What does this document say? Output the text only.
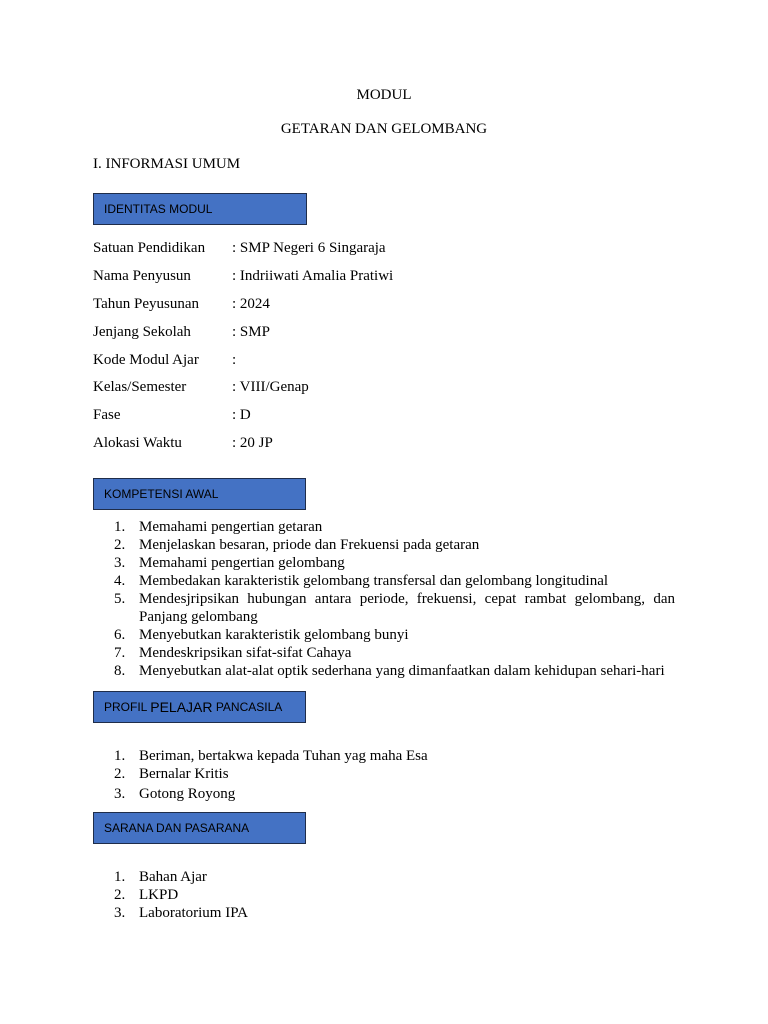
MODUL
GETARAN DAN GELOMBANG
I. INFORMASI UMUM
IDENTITAS MODUL
Satuan Pendidikan : SMP Negeri 6 Singaraja
Nama Penyusun	: Indriiwati Amalia Pratiwi
Tahun Peyusunan : 2024
Jenjang Sekolah	: SMP
Kode Modul Ajar :
Kelas/Semester	: VIII/Genap
Fase	: D
Alokasi Waktu	: 20 JP
KOMPETENSI AWAL
1. Memahami pengertian getaran
2. Menjelaskan besaran, priode dan Frekuensi pada getaran
3. Memahami pengertian gelombang
4. Membedakan karakteristik gelombang transfersal dan gelombang longitudinal
5. Mendesjripsikan hubungan antara periode, frekuensi, cepat rambat gelombang, dan Panjang gelombang
6. Menyebutkan karakteristik gelombang bunyi
7. Mendeskripsikan sifat-sifat Cahaya
8. Menyebutkan alat-alat optik sederhana yang dimanfaatkan dalam kehidupan sehari-hari
PROFIL PELAJAR PANCASILA
1. Beriman, bertakwa kepada Tuhan yag maha Esa
2. Bernalar Kritis
3. Gotong Royong
SARANA DAN PASARANA
1. Bahan Ajar
2. LKPD
3. Laboratorium IPA
